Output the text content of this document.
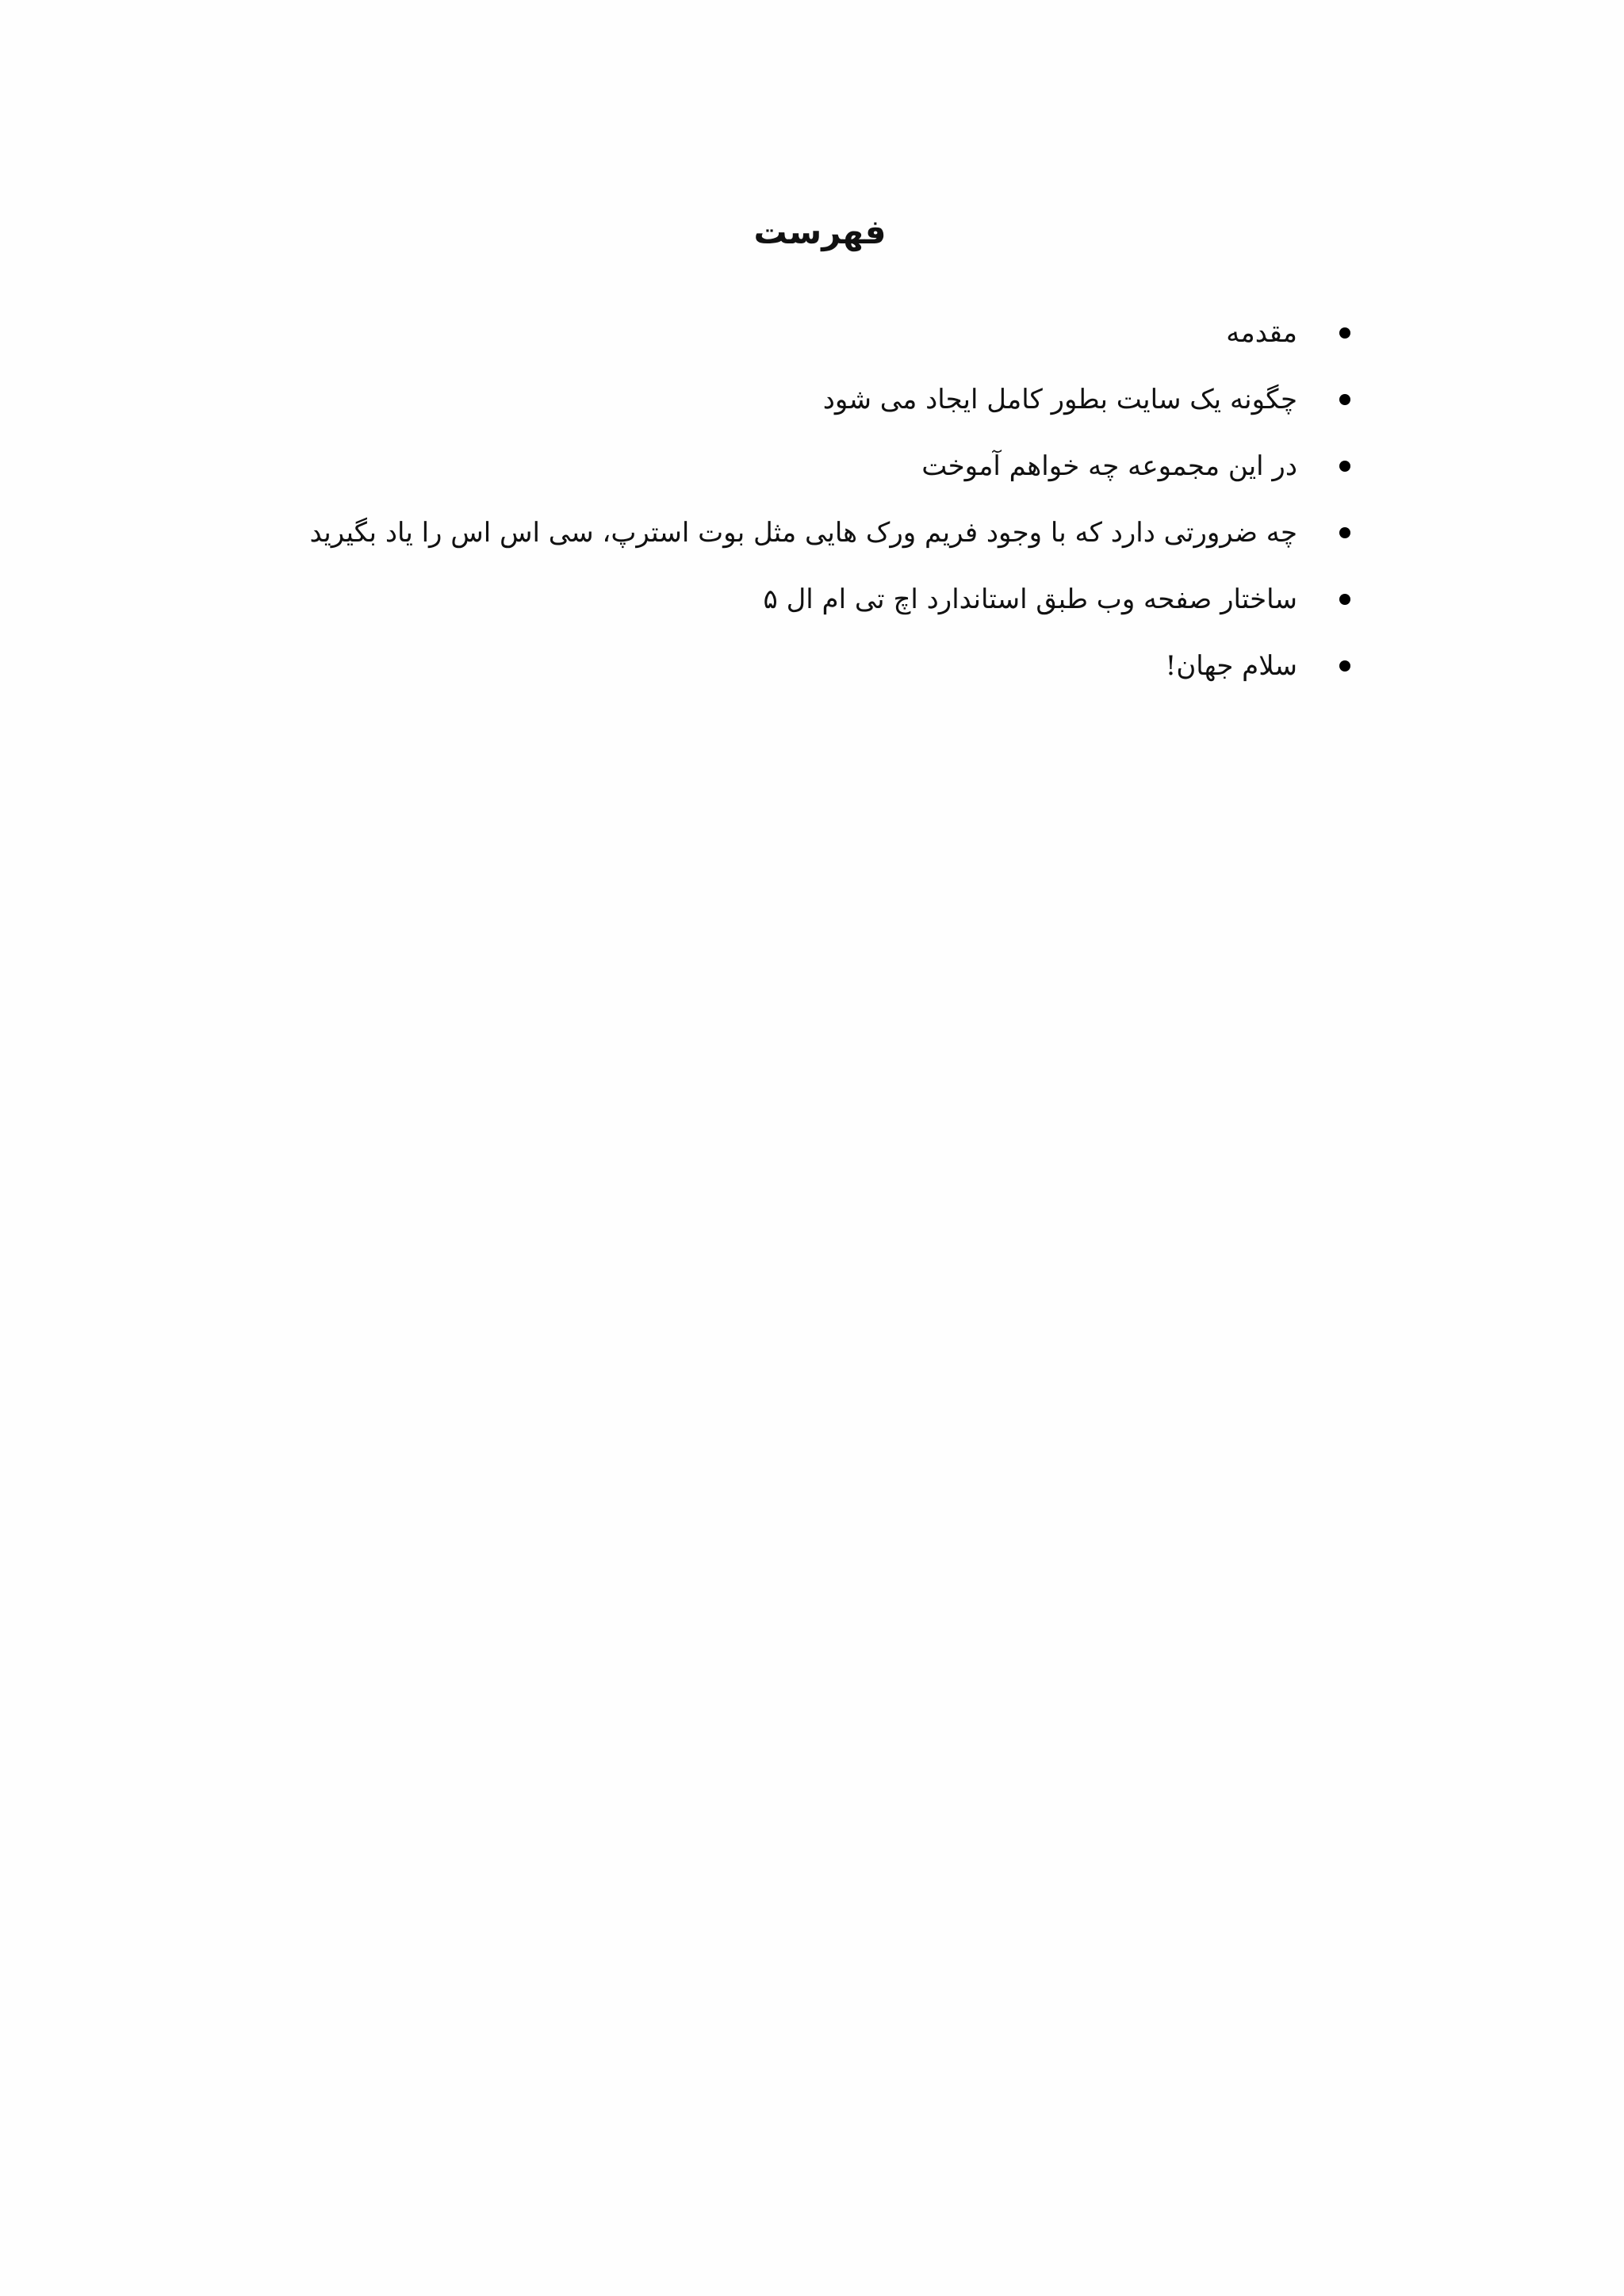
فهرست
مقدمه
چگونه یک سایت بطور کامل ایجاد می شود
در این مجموعه چه خواهم آموخت
چه ضرورتی دارد که با وجود فریم ورک هایی مثل بوت استرپ، سی اس اس را یاد بگیرید
ساختار صفحه وب طبق استاندارد اچ تی ام ال ۵
سلام جهان!
